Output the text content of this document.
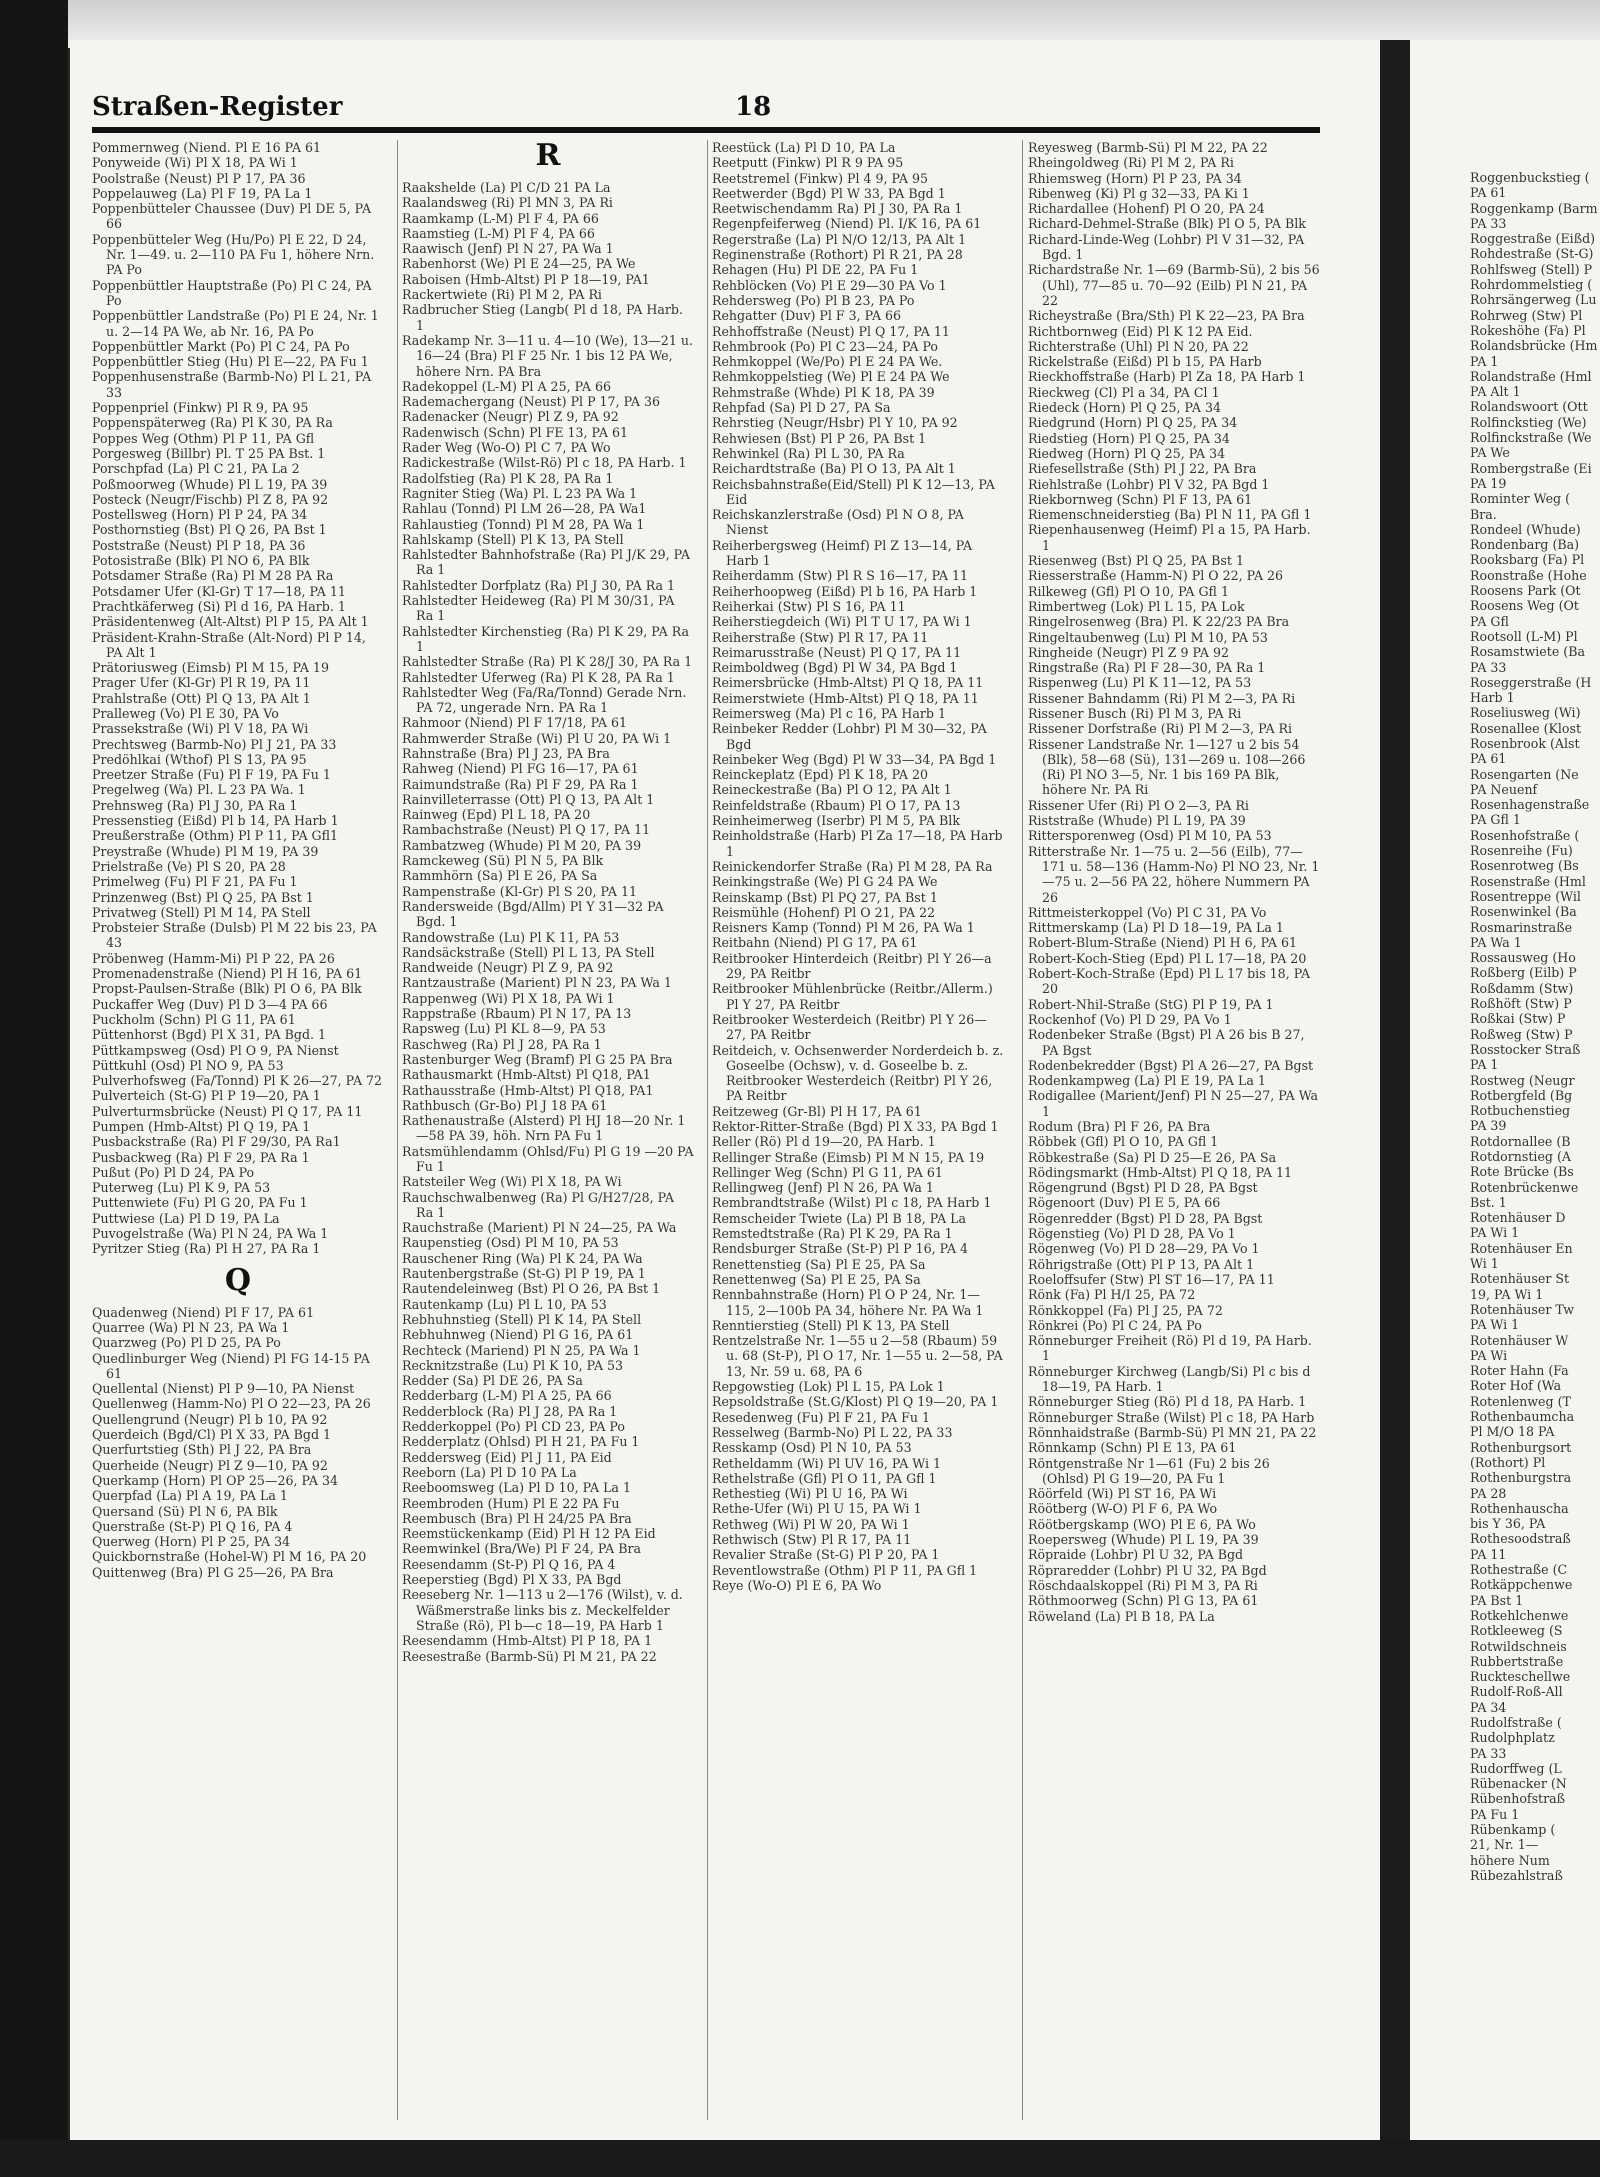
Straßen-Register	18

Pommernweg (Niend. Pl E 16 PA 61

Ponyweide (Wi) Pl X 18, PA Wi 1

Poolstraße (Neust) Pl P 17, PA 36

Poppelauweg (La) Pl F 19, PA La 1

Poppenbütteler Chaussee (Duv) Pl DE 5, PA 66

Poppenbütteler Weg (Hu/Po) Pl E 22, D 24, Nr. 1—49. u. 2—110 PA Fu 1, höhere Nrn. PA Po

Poppenbüttler Hauptstraße (Po) Pl C 24, PA Po

Poppenbüttler Landstraße (Po) Pl E 24, Nr. 1 u. 2—14 PA We, ab Nr. 16, PA Po

Poppenbüttler Markt (Po) Pl C 24, PA Po

Poppenbüttler Stieg (Hu) Pl E—22, PA Fu 1

Poppenhusenstraße (Barmb-No) Pl L 21, PA 33

Poppenpriel (Finkw) Pl R 9, PA 95

Poppenspäterweg (Ra) Pl K 30, PA Ra

Poppes Weg (Othm) Pl P 11, PA Gfl

Porgesweg (Billbr) Pl. T 25 PA Bst. 1

Porschpfad (La) Pl C 21, PA La 2

Poßmoorweg (Whude) Pl L 19, PA 39

Posteck (Neugr/Fischb) Pl Z 8, PA 92

Postellsweg (Horn) Pl P 24, PA 34

Posthornstieg (Bst) Pl Q 26, PA Bst 1

Poststraße (Neust) Pl P 18, PA 36

Potosistraße (Blk) Pl NO 6, PA Blk

Potsdamer Straße (Ra) Pl M 28 PA Ra

Potsdamer Ufer (Kl-Gr) T 17—18, PA 11

Prachtkäferweg (Si) Pl d 16, PA Harb. 1

Präsidentenweg (Alt-Altst) Pl P 15, PA Alt 1

Präsident-Krahn-Straße (Alt-Nord) Pl P 14, PA Alt 1

Prätoriusweg (Eimsb) Pl M 15, PA 19

Prager Ufer (Kl-Gr) Pl R 19, PA 11

Prahlstraße (Ott) Pl Q 13, PA Alt 1

Pralleweg (Vo) Pl E 30, PA Vo

Prassekstraße (Wi) Pl V 18, PA Wi

Prechtsweg (Barmb-No) Pl J 21, PA 33

Predöhlkai (Wthof) Pl S 13, PA 95

Preetzer Straße (Fu) Pl F 19, PA Fu 1

Pregelweg (Wa) Pl. L 23 PA Wa. 1

Prehnsweg (Ra) Pl J 30, PA Ra 1

Pressenstieg (Eißd) Pl b 14, PA Harb 1

Preußerstraße (Othm) Pl P 11, PA Gfl1

Preystraße (Whude) Pl M 19, PA 39

Prielstraße (Ve) Pl S 20, PA 28

Primelweg (Fu) Pl F 21, PA Fu 1

Prinzenweg (Bst) Pl Q 25, PA Bst 1

Privatweg (Stell) Pl M 14, PA Stell

Probsteier Straße (Dulsb) Pl M 22 bis 23, PA 43

Pröbenweg (Hamm-Mi) Pl P 22, PA 26

Promenadenstraße (Niend) Pl H 16, PA 61

Propst-Paulsen-Straße (Blk) Pl O 6, PA Blk

Puckaffer Weg (Duv) Pl D 3—4 PA 66

Puckholm (Schn) Pl G 11, PA 61

Püttenhorst (Bgd) Pl X 31, PA Bgd. 1

Püttkampsweg (Osd) Pl O 9, PA Nienst

Püttkuhl (Osd) Pl NO 9, PA 53

Pulverhofsweg (Fa/Tonnd) Pl K 26—27, PA 72

Pulverteich (St-G) Pl P 19—20, PA 1

Pulverturmsbrücke (Neust) Pl Q 17, PA 11

Pumpen (Hmb-Altst) Pl Q 19, PA 1

Pusbackstraße (Ra) Pl F 29/30, PA Ra1

Pusbackweg (Ra) Pl F 29, PA Ra 1

Pußut (Po) Pl D 24, PA Po

Puterweg (Lu) Pl K 9, PA 53

Puttenwiete (Fu) Pl G 20, PA Fu 1

Puttwiese (La) Pl D 19, PA La

Puvogelstraße (Wa) Pl N 24, PA Wa 1

Pyritzer Stieg (Ra) Pl H 27, PA Ra 1

Q

Quadenweg (Niend) Pl F 17, PA 61

Quarree (Wa) Pl N 23, PA Wa 1

Quarzweg (Po) Pl D 25, PA Po

Quedlinburger Weg (Niend) Pl FG 14-15 PA 61

Quellental (Nienst) Pl P 9—10, PA Nienst

Quellenweg (Hamm-No) Pl O 22—23, PA 26

Quellengrund (Neugr) Pl b 10, PA 92

Querdeich (Bgd/Cl) Pl X 33, PA Bgd 1

Querfurtstieg (Sth) Pl J 22, PA Bra

Querheide (Neugr) Pl Z 9—10, PA 92

Querkamp (Horn) Pl OP 25—26, PA 34

Querpfad (La) Pl A 19, PA La 1

Quersand (Sü) Pl N 6, PA Blk

Querstraße (St-P) Pl Q 16, PA 4

Querweg (Horn) Pl P 25, PA 34

Quickbornstraße (Hohel-W) Pl M 16, PA 20

Quittenweg (Bra) Pl G 25—26, PA Bra

R

Raakshelde (La) Pl C/D 21 PA La

Raalandsweg (Ri) Pl MN 3, PA Ri

Raamkamp (L-M) Pl F 4, PA 66

Raamstieg (L-M) Pl F 4, PA 66

Raawisch (Jenf) Pl N 27, PA Wa 1

Rabenhorst (We) Pl E 24—25, PA We

Raboisen (Hmb-Altst) Pl P 18—19, PA1

Rackertwiete (Ri) Pl M 2, PA Ri

Radbrucher Stieg (Langb( Pl d 18, PA Harb. 1

Radekamp Nr. 3—11 u. 4—10 (We), 13—21 u. 16—24 (Bra) Pl F 25 Nr. 1 bis 12 PA We, höhere Nrn. PA Bra

Radekoppel (L-M) Pl A 25, PA 66

Rademachergang (Neust) Pl P 17, PA 36

Radenacker (Neugr) Pl Z 9, PA 92

Radenwisch (Schn) Pl FE 13, PA 61

Rader Weg (Wo-O) Pl C 7, PA Wo

Radickestraße (Wilst-Rö) Pl c 18, PA Harb. 1

Radolfstieg (Ra) Pl K 28, PA Ra 1

Ragniter Stieg (Wa) Pl. L 23 PA Wa 1

Rahlau (Tonnd) Pl LM 26—28, PA Wa1

Rahlaustieg (Tonnd) Pl M 28, PA Wa 1

Rahlskamp (Stell) Pl K 13, PA Stell

Rahlstedter Bahnhofstraße (Ra) Pl J/K 29, PA Ra 1

Rahlstedter Dorfplatz (Ra) Pl J 30, PA Ra 1

Rahlstedter Heideweg (Ra) Pl M 30/31, PA Ra 1

Rahlstedter Kirchenstieg (Ra) Pl K 29, PA Ra 1

Rahlstedter Straße (Ra) Pl K 28/J 30, PA Ra 1

Rahlstedter Uferweg (Ra) Pl K 28, PA Ra 1

Rahlstedter Weg (Fa/Ra/Tonnd) Gerade Nrn. PA 72, ungerade Nrn. PA Ra 1

Rahmoor (Niend) Pl F 17/18, PA 61

Rahmwerder Straße (Wi) Pl U 20, PA Wi 1

Rahnstraße (Bra) Pl J 23, PA Bra

Rahweg (Niend) Pl FG 16—17, PA 61

Raimundstraße (Ra) Pl F 29, PA Ra 1

Rainvilleterrasse (Ott) Pl Q 13, PA Alt 1

Rainweg (Epd) Pl L 18, PA 20

Rambachstraße (Neust) Pl Q 17, PA 11

Rambatzweg (Whude) Pl M 20, PA 39

Ramckeweg (Sü) Pl N 5, PA Blk

Rammhörn (Sa) Pl E 26, PA Sa

Rampenstraße (Kl-Gr) Pl S 20, PA 11

Randersweide (Bgd/Allm) Pl Y 31—32 PA Bgd. 1

Randowstraße (Lu) Pl K 11, PA 53

Randsäckstraße (Stell) Pl L 13, PA Stell

Randweide (Neugr) Pl Z 9, PA 92

Rantzaustraße (Marient) Pl N 23, PA Wa 1

Rappenweg (Wi) Pl X 18, PA Wi 1

Rappstraße (Rbaum) Pl N 17, PA 13

Rapsweg (Lu) Pl KL 8—9, PA 53

Raschweg (Ra) Pl J 28, PA Ra 1

Rastenburger Weg (Bramf) Pl G 25 PA Bra

Rathausmarkt (Hmb-Altst) Pl Q18, PA1

Rathausstraße (Hmb-Altst) Pl Q18, PA1

Rathbusch (Gr-Bo) Pl J 18 PA 61

Rathenaustraße (Alsterd) Pl HJ 18—20 Nr. 1—58 PA 39, höh. Nrn PA Fu 1

Ratsmühlendamm (Ohlsd/Fu) Pl G 19 —20 PA Fu 1

Ratsteiler Weg (Wi) Pl X 18, PA Wi

Rauchschwalbenweg (Ra) Pl G/H27/28, PA Ra 1

Rauchstraße (Marient) Pl N 24—25, PA Wa

Raupenstieg (Osd) Pl M 10, PA 53

Rauschener Ring (Wa) Pl K 24, PA Wa

Rautenbergstraße (St-G) Pl P 19, PA 1

Rautendeleinweg (Bst) Pl O 26, PA Bst 1

Rautenkamp (Lu) Pl L 10, PA 53

Rebhuhnstieg (Stell) Pl K 14, PA Stell

Rebhuhnweg (Niend) Pl G 16, PA 61

Rechteck (Mariend) Pl N 25, PA Wa 1

Recknitzstraße (Lu) Pl K 10, PA 53

Redder (Sa) Pl DE 26, PA Sa

Redderbarg (L-M) Pl A 25, PA 66

Redderblock (Ra) Pl J 28, PA Ra 1

Redderkoppel (Po) Pl CD 23, PA Po

Redderplatz (Ohlsd) Pl H 21, PA Fu 1

Reddersweg (Eid) Pl J 11, PA Eid

Reeborn (La) Pl D 10 PA La

Reeboomsweg (La) Pl D 10, PA La 1

Reembroden (Hum) Pl E 22 PA Fu

Reembusch (Bra) Pl H 24/25 PA Bra

Reemstückenkamp (Eid) Pl H 12 PA Eid

Reemwinkel (Bra/We) Pl F 24, PA Bra

Reesendamm (St-P) Pl Q 16, PA 4

Reeperstieg (Bgd) Pl X 33, PA Bgd

Reeseberg Nr. 1—113 u 2—176 (Wilst), v. d. Wäßmerstraße links bis z. Meckelfelder Straße (Rö), Pl b—c 18—19, PA Harb 1

Reesendamm (Hmb-Altst) Pl P 18, PA 1

Reesestraße (Barmb-Sü) Pl M 21, PA 22

Reestück (La) Pl D 10, PA La

Reetputt (Finkw) Pl R 9 PA 95

Reetstremel (Finkw) Pl 4 9, PA 95

Reetwerder (Bgd) Pl W 33, PA Bgd 1

Reetwischendamm Ra) Pl J 30, PA Ra 1

Regenpfeiferweg (Niend) Pl. I/K 16, PA 61

Regerstraße (La) Pl N/O 12/13, PA Alt 1

Reginenstraße (Rothort) Pl R 21, PA 28

Rehagen (Hu) Pl DE 22, PA Fu 1

Rehblöcken (Vo) Pl E 29—30 PA Vo 1

Rehdersweg (Po) Pl B 23, PA Po

Rehgatter (Duv) Pl F 3, PA 66

Rehhoffstraße (Neust) Pl Q 17, PA 11

Rehmbrook (Po) Pl C 23—24, PA Po

Rehmkoppel (We/Po) Pl E 24 PA We.

Rehmkoppelstieg (We) Pl E 24 PA We

Rehmstraße (Whde) Pl K 18, PA 39

Rehpfad (Sa) Pl D 27, PA Sa

Rehrstieg (Neugr/Hsbr) Pl Y 10, PA 92

Rehwiesen (Bst) Pl P 26, PA Bst 1

Rehwinkel (Ra) Pl L 30, PA Ra

Reichardtstraße (Ba) Pl O 13, PA Alt 1

Reichsbahnstraße(Eid/Stell) Pl K 12—13, PA Eid

Reichskanzlerstraße (Osd) Pl N O 8, PA Nienst

Reiherbergsweg (Heimf) Pl Z 13—14, PA Harb 1

Reiherdamm (Stw) Pl R S 16—17, PA 11

Reiherhoopweg (Eißd) Pl b 16, PA Harb 1

Reiherkai (Stw) Pl S 16, PA 11

Reiherstiegdeich (Wi) Pl T U 17, PA Wi 1

Reiherstraße (Stw) Pl R 17, PA 11

Reimarusstraße (Neust) Pl Q 17, PA 11

Reimboldweg (Bgd) Pl W 34, PA Bgd 1

Reimersbrücke (Hmb-Altst) Pl Q 18, PA 11

Reimerstwiete (Hmb-Altst) Pl Q 18, PA 11

Reimersweg (Ma) Pl c 16, PA Harb 1

Reinbeker Redder (Lohbr) Pl M 30—32, PA Bgd

Reinbeker Weg (Bgd) Pl W 33—34, PA Bgd 1

Reinckeplatz (Epd) Pl K 18, PA 20

Reineckestraße (Ba) Pl O 12, PA Alt 1

Reinfeldstraße (Rbaum) Pl O 17, PA 13

Reinheimerweg (Iserbr) Pl M 5, PA Blk

Reinholdstraße (Harb) Pl Za 17—18, PA Harb 1

Reinickendorfer Straße (Ra) Pl M 28, PA Ra

Reinkingstraße (We) Pl G 24 PA We

Reinskamp (Bst) Pl PQ 27, PA Bst 1

Reismühle (Hohenf) Pl O 21, PA 22

Reisners Kamp (Tonnd) Pl M 26, PA Wa 1

Reitbahn (Niend) Pl G 17, PA 61

Reitbrooker Hinterdeich (Reitbr) Pl Y 26—a 29, PA Reitbr

Reitbrooker Mühlenbrücke (Reitbr./Allerm.) Pl Y 27, PA Reitbr

Reitbrooker Westerdeich (Reitbr) Pl Y 26—27, PA Reitbr

Reitdeich, v. Ochsenwerder Norderdeich b. z. Goseelbe (Ochsw), v. d. Goseelbe b. z. Reitbrooker Westerdeich (Reitbr) Pl Y 26, PA Reitbr

Reitzeweg (Gr-Bl) Pl H 17, PA 61

Rektor-Ritter-Straße (Bgd) Pl X 33, PA Bgd 1

Reller (Rö) Pl d 19—20, PA Harb. 1

Rellinger Straße (Eimsb) Pl M N 15, PA 19

Rellinger Weg (Schn) Pl G 11, PA 61

Rellingweg (Jenf) Pl N 26, PA Wa 1

Rembrandtstraße (Wilst) Pl c 18, PA Harb 1

Remscheider Twiete (La) Pl B 18, PA La

Remstedtstraße (Ra) Pl K 29, PA Ra 1

Rendsburger Straße (St-P) Pl P 16, PA 4

Renettenstieg (Sa) Pl E 25, PA Sa

Renettenweg (Sa) Pl E 25, PA Sa

Rennbahnstraße (Horn) Pl O P 24, Nr. 1—115, 2—100b PA 34, höhere Nr. PA Wa 1

Renntierstieg (Stell) Pl K 13, PA Stell

Rentzelstraße Nr. 1—55 u 2—58 (Rbaum) 59 u. 68 (St-P), Pl O 17, Nr. 1—55 u. 2—58, PA 13, Nr. 59 u. 68, PA 6

Repgowstieg (Lok) Pl L 15, PA Lok 1

Repsoldstraße (St.G/Klost) Pl Q 19—20, PA 1

Resedenweg (Fu) Pl F 21, PA Fu 1

Resselweg (Barmb-No) Pl L 22, PA 33

Resskamp (Osd) Pl N 10, PA 53

Retheldamm (Wi) Pl UV 16, PA Wi 1

Rethelstraße (Gfl) Pl O 11, PA Gfl 1

Rethestieg (Wi) Pl U 16, PA Wi

Rethe-Ufer (Wi) Pl U 15, PA Wi 1

Rethweg (Wi) Pl W 20, PA Wi 1

Rethwisch (Stw) Pl R 17, PA 11

Revalier Straße (St-G) Pl P 20, PA 1

Reventlowstraße (Othm) Pl P 11, PA Gfl 1

Reye (Wo-O) Pl E 6, PA Wo

Reyesweg (Barmb-Sü) Pl M 22, PA 22

Rheingoldweg (Ri) Pl M 2, PA Ri

Rhiemsweg (Horn) Pl P 23, PA 34

Ribenweg (Ki) Pl g 32—33, PA Ki 1

Richardallee (Hohenf) Pl O 20, PA 24

Richard-Dehmel-Straße (Blk) Pl O 5, PA Blk

Richard-Linde-Weg (Lohbr) Pl V 31—32, PA Bgd. 1

Richardstraße Nr. 1—69 (Barmb-Sü), 2 bis 56 (Uhl), 77—85 u. 70—92 (Eilb) Pl N 21, PA 22

Richeystraße (Bra/Sth) Pl K 22—23, PA Bra

Richtbornweg (Eid) Pl K 12 PA Eid.

Richterstraße (Uhl) Pl N 20, PA 22

Rickelstraße (Eißd) Pl b 15, PA Harb

Rieckhoffstraße (Harb) Pl Za 18, PA Harb 1

Rieckweg (Cl) Pl a 34, PA Cl 1

Riedeck (Horn) Pl Q 25, PA 34

Riedgrund (Horn) Pl Q 25, PA 34

Riedstieg (Horn) Pl Q 25, PA 34

Riedweg (Horn) Pl Q 25, PA 34

Riefesellstraße (Sth) Pl J 22, PA Bra

Riehlstraße (Lohbr) Pl V 32, PA Bgd 1

Riekbornweg (Schn) Pl F 13, PA 61

Riemenschneiderstieg (Ba) Pl N 11, PA Gfl 1

Riepenhausenweg (Heimf) Pl a 15, PA Harb. 1

Riesenweg (Bst) Pl Q 25, PA Bst 1

Riesserstraße (Hamm-N) Pl O 22, PA 26

Rilkeweg (Gfl) Pl O 10, PA Gfl 1

Rimbertweg (Lok) Pl L 15, PA Lok

Ringelrosenweg (Bra) Pl. K 22/23 PA Bra

Ringeltaubenweg (Lu) Pl M 10, PA 53

Ringheide (Neugr) Pl Z 9 PA 92

Ringstraße (Ra) Pl F 28—30, PA Ra 1

Rispenweg (Lu) Pl K 11—12, PA 53

Rissener Bahndamm (Ri) Pl M 2—3, PA Ri

Rissener Busch (Ri) Pl M 3, PA Ri

Rissener Dorfstraße (Ri) Pl M 2—3, PA Ri

Rissener Landstraße Nr. 1—127 u 2 bis 54 (Blk), 58—68 (Sü), 131—269 u. 108—266 (Ri) Pl NO 3—5, Nr. 1 bis 169 PA Blk, höhere Nr. PA Ri

Rissener Ufer (Ri) Pl O 2—3, PA Ri

Riststraße (Whude) Pl L 19, PA 39

Rittersporenweg (Osd) Pl M 10, PA 53

Ritterstraße Nr. 1—75 u. 2—56 (Eilb), 77—171 u. 58—136 (Hamm-No) Pl NO 23, Nr. 1—75 u. 2—56 PA 22, höhere Nummern PA 26

Rittmeisterkoppel (Vo) Pl C 31, PA Vo

Rittmerskamp (La) Pl D 18—19, PA La 1

Robert-Blum-Straße (Niend) Pl H 6, PA 61

Robert-Koch-Stieg (Epd) Pl L 17—18, PA 20

Robert-Koch-Straße (Epd) Pl L 17 bis 18, PA 20

Robert-Nhil-Straße (StG) Pl P 19, PA 1

Rockenhof (Vo) Pl D 29, PA Vo 1

Rodenbeker Straße (Bgst) Pl A 26 bis B 27, PA Bgst

Rodenbekredder (Bgst) Pl A 26—27, PA Bgst

Rodenkampweg (La) Pl E 19, PA La 1

Rodigallee (Marient/Jenf) Pl N 25—27, PA Wa 1

Rodum (Bra) Pl F 26, PA Bra

Röbbek (Gfl) Pl O 10, PA Gfl 1

Röbkestraße (Sa) Pl D 25—E 26, PA Sa

Rödingsmarkt (Hmb-Altst) Pl Q 18, PA 11

Rögengrund (Bgst) Pl D 28, PA Bgst

Rögenoort (Duv) Pl E 5, PA 66

Rögenredder (Bgst) Pl D 28, PA Bgst

Rögenstieg (Vo) Pl D 28, PA Vo 1

Rögenweg (Vo) Pl D 28—29, PA Vo 1

Röhrigstraße (Ott) Pl P 13, PA Alt 1

Roeloffsufer (Stw) Pl ST 16—17, PA 11

Rönk (Fa) Pl H/I 25, PA 72

Rönkkoppel (Fa) Pl J 25, PA 72

Rönkrei (Po) Pl C 24, PA Po

Rönneburger Freiheit (Rö) Pl d 19, PA Harb. 1

Rönneburger Kirchweg (Langb/Si) Pl c bis d 18—19, PA Harb. 1

Rönneburger Stieg (Rö) Pl d 18, PA Harb. 1

Rönneburger Straße (Wilst) Pl c 18, PA Harb

Rönnhaidstraße (Barmb-Sü) Pl MN 21, PA 22

Rönnkamp (Schn) Pl E 13, PA 61

Röntgenstraße Nr 1—61 (Fu) 2 bis 26 (Ohlsd) Pl G 19—20, PA Fu 1

Röörfeld (Wi) Pl ST 16, PA Wi

Röötberg (W-O) Pl F 6, PA Wo

Röötbergskamp (WO) Pl E 6, PA Wo

Roepersweg (Whude) Pl L 19, PA 39

Röpraide (Lohbr) Pl U 32, PA Bgd

Röpraredder (Lohbr) Pl U 32, PA Bgd

Röschdaalskoppel (Ri) Pl M 3, PA Ri

Röthmoorweg (Schn) Pl G 13, PA 61

Röweland (La) Pl B 18, PA La

Roggenbuckstieg (

PA 61

Roggenkamp (Barm

PA 33

Roggestraße (Eißd)

Rohdestraße (St-G)

Rohlfsweg (Stell) P

Rohrdommelstieg (

Rohrsängerweg (Lu

Rohrweg (Stw) Pl

Rokeshöhe (Fa) Pl

Rolandsbrücke (Hm

PA 1

Rolandstraße (Hml

PA Alt 1

Rolandswoort (Ott

Rolfinckstieg (We)

Rolfinckstraße (We

PA We

Rombergstraße (Ei

PA 19

Rominter Weg (

Bra.

Rondeel (Whude)

Rondenbarg (Ba)

Rooksbarg (Fa) Pl

Roonstraße (Hohe

Roosens Park (Ot

Roosens Weg (Ot

PA Gfl

Rootsoll (L-M) Pl

Rosamstwiete (Ba

PA 33

Roseggerstraße (H

Harb 1

Roseliusweg (Wi)

Rosenallee (Klost

Rosenbrook (Alst

PA 61

Rosengarten (Ne

PA Neuenf

Rosenhagenstraße

PA Gfl 1

Rosenhofstraße (

Rosenreihe (Fu)

Rosenrotweg (Bs

Rosenstraße (Hml

Rosentreppe (Wil

Rosenwinkel (Ba

Rosmarinstraße

PA Wa 1

Rossausweg (Ho

Roßberg (Eilb) P

Roßdamm (Stw)

Roßhöft (Stw) P

Roßkai (Stw) P

Roßweg (Stw) P

Rosstocker Straß

PA 1

Rostweg (Neugr

Rotbergfeld (Bg

Rotbuchenstieg

PA 39

Rotdornallee (B

Rotdornstieg (A

Rote Brücke (Bs

Rotenbrückenwe

Bst. 1

Rotenhäuser D

PA Wi 1

Rotenhäuser En

Wi 1

Rotenhäuser St

19, PA Wi 1

Rotenhäuser Tw

PA Wi 1

Rotenhäuser W

PA Wi

Roter Hahn (Fa

Roter Hof (Wa

Rotenlenweg (T

Rothenbaumcha

Pl M/O 18 PA

Rothenburgsort

(Rothort) Pl

Rothenburgstra

PA 28

Rothenhauscha

bis Y 36, PA

Rothesoodstraß

PA 11

Rothestraße (C

Rotkäppchenwe

PA Bst 1

Rotkehlchenwe

Rotkleeweg (S

Rotwildschneis

Rubbertstraße

Ruckteschellwe

Rudolf-Roß-All

PA 34

Rudolfstraße (

Rudolphplatz

PA 33

Rudorffweg (L

Rübenacker (N

Rübenhofstraß

PA Fu 1

Rübenkamp (

21, Nr. 1—

höhere Num

Rübezahlstraß
